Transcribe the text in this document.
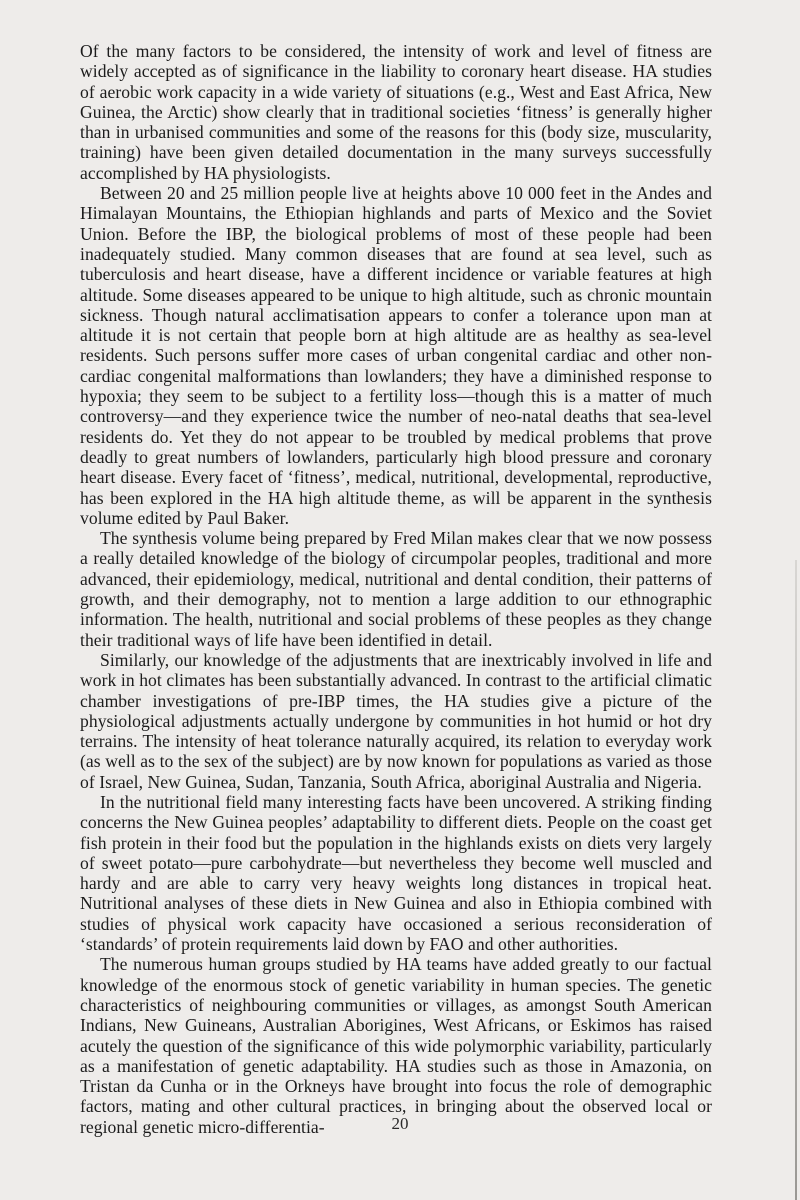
Of the many factors to be considered, the intensity of work and level of fitness are widely accepted as of significance in the liability to coronary heart disease. HA studies of aerobic work capacity in a wide variety of situations (e.g., West and East Africa, New Guinea, the Arctic) show clearly that in traditional societies ‘fitness’ is generally higher than in urbanised communities and some of the reasons for this (body size, muscularity, training) have been given detailed documentation in the many surveys successfully accomplished by HA physiologists.

Between 20 and 25 million people live at heights above 10 000 feet in the Andes and Himalayan Mountains, the Ethiopian highlands and parts of Mexico and the Soviet Union. Before the IBP, the biological problems of most of these people had been inadequately studied. Many common diseases that are found at sea level, such as tuberculosis and heart disease, have a different incidence or variable features at high altitude. Some diseases appeared to be unique to high altitude, such as chronic mountain sickness. Though natural acclimatisation appears to confer a tolerance upon man at altitude it is not certain that people born at high altitude are as healthy as sea-level residents. Such persons suffer more cases of urban congenital cardiac and other non-cardiac congenital malformations than lowlanders; they have a diminished response to hypoxia; they seem to be subject to a fertility loss—though this is a matter of much controversy—and they experience twice the number of neo-natal deaths that sea-level residents do. Yet they do not appear to be troubled by medical problems that prove deadly to great numbers of lowlanders, particularly high blood pressure and coronary heart disease. Every facet of ‘fitness’, medical, nutritional, developmental, reproductive, has been explored in the HA high altitude theme, as will be apparent in the synthesis volume edited by Paul Baker.

The synthesis volume being prepared by Fred Milan makes clear that we now possess a really detailed knowledge of the biology of circumpolar peoples, traditional and more advanced, their epidemiology, medical, nutritional and dental condition, their patterns of growth, and their demography, not to mention a large addition to our ethnographic information. The health, nutritional and social problems of these peoples as they change their traditional ways of life have been identified in detail.

Similarly, our knowledge of the adjustments that are inextricably involved in life and work in hot climates has been substantially advanced. In contrast to the artificial climatic chamber investigations of pre-IBP times, the HA studies give a picture of the physiological adjustments actually undergone by communities in hot humid or hot dry terrains. The intensity of heat tolerance naturally acquired, its relation to everyday work (as well as to the sex of the subject) are by now known for populations as varied as those of Israel, New Guinea, Sudan, Tanzania, South Africa, aboriginal Australia and Nigeria.

In the nutritional field many interesting facts have been uncovered. A striking finding concerns the New Guinea peoples’ adaptability to different diets. People on the coast get fish protein in their food but the population in the highlands exists on diets very largely of sweet potato—pure carbohydrate—but nevertheless they become well muscled and hardy and are able to carry very heavy weights long distances in tropical heat. Nutritional analyses of these diets in New Guinea and also in Ethiopia combined with studies of physical work capacity have occasioned a serious reconsideration of ‘standards’ of protein requirements laid down by FAO and other authorities.

The numerous human groups studied by HA teams have added greatly to our factual knowledge of the enormous stock of genetic variability in human species. The genetic characteristics of neighbouring communities or villages, as amongst South American Indians, New Guineans, Australian Aborigines, West Africans, or Eskimos has raised acutely the question of the significance of this wide polymorphic variability, particularly as a manifestation of genetic adaptability. HA studies such as those in Amazonia, on Tristan da Cunha or in the Orkneys have brought into focus the role of demographic factors, mating and other cultural practices, in bringing about the observed local or regional genetic micro-differentia-	20
